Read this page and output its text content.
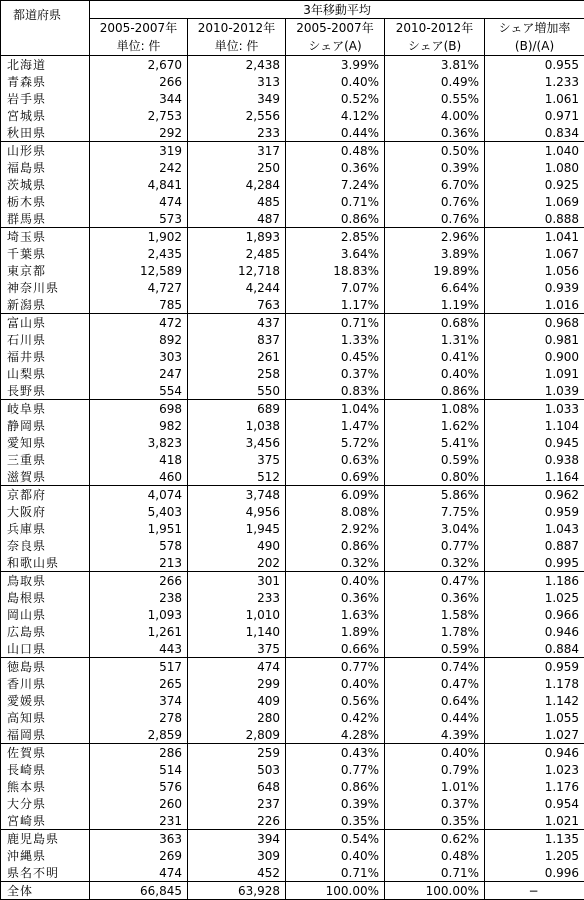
都道府県	3年移動平均				
	2005-2007年	2010-2012年	2005-2007年	2010-2012年	シェア増加率
	単位: 件	単位: 件	シェア(A)	シェア(B)	(B)/(A)
北海道	2,670	2,438	3.99%	3.81%	0.955
青森県	266	313	0.40%	0.49%	1.233
岩手県	344	349	0.52%	0.55%	1.061
宮城県	2,753	2,556	4.12%	4.00%	0.971
秋田県	292	233	0.44%	0.36%	0.834
山形県	319	317	0.48%	0.50%	1.040
福島県	242	250	0.36%	0.39%	1.080
茨城県	4,841	4,284	7.24%	6.70%	0.925
栃木県	474	485	0.71%	0.76%	1.069
群馬県	573	487	0.86%	0.76%	0.888
埼玉県	1,902	1,893	2.85%	2.96%	1.041
千葉県	2,435	2,485	3.64%	3.89%	1.067
東京都	12,589	12,718	18.83%	19.89%	1.056
神奈川県	4,727	4,244	7.07%	6.64%	0.939
新潟県	785	763	1.17%	1.19%	1.016
富山県	472	437	0.71%	0.68%	0.968
石川県	892	837	1.33%	1.31%	0.981
福井県	303	261	0.45%	0.41%	0.900
山梨県	247	258	0.37%	0.40%	1.091
長野県	554	550	0.83%	0.86%	1.039
岐阜県	698	689	1.04%	1.08%	1.033
静岡県	982	1,038	1.47%	1.62%	1.104
愛知県	3,823	3,456	5.72%	5.41%	0.945
三重県	418	375	0.63%	0.59%	0.938
滋賀県	460	512	0.69%	0.80%	1.164
京都府	4,074	3,748	6.09%	5.86%	0.962
大阪府	5,403	4,956	8.08%	7.75%	0.959
兵庫県	1,951	1,945	2.92%	3.04%	1.043
奈良県	578	490	0.86%	0.77%	0.887
和歌山県	213	202	0.32%	0.32%	0.995
鳥取県	266	301	0.40%	0.47%	1.186
島根県	238	233	0.36%	0.36%	1.025
岡山県	1,093	1,010	1.63%	1.58%	0.966
広島県	1,261	1,140	1.89%	1.78%	0.946
山口県	443	375	0.66%	0.59%	0.884
徳島県	517	474	0.77%	0.74%	0.959
香川県	265	299	0.40%	0.47%	1.178
愛媛県	374	409	0.56%	0.64%	1.142
高知県	278	280	0.42%	0.44%	1.055
福岡県	2,859	2,809	4.28%	4.39%	1.027
佐賀県	286	259	0.43%	0.40%	0.946
長崎県	514	503	0.77%	0.79%	1.023
熊本県	576	648	0.86%	1.01%	1.176
大分県	260	237	0.39%	0.37%	0.954
宮崎県	231	226	0.35%	0.35%	1.021
鹿児島県	363	394	0.54%	0.62%	1.135
沖縄県	269	309	0.40%	0.48%	1.205
県名不明	474	452	0.71%	0.71%	0.996
全体	66,845	63,928	100.00%	100.00%	−
